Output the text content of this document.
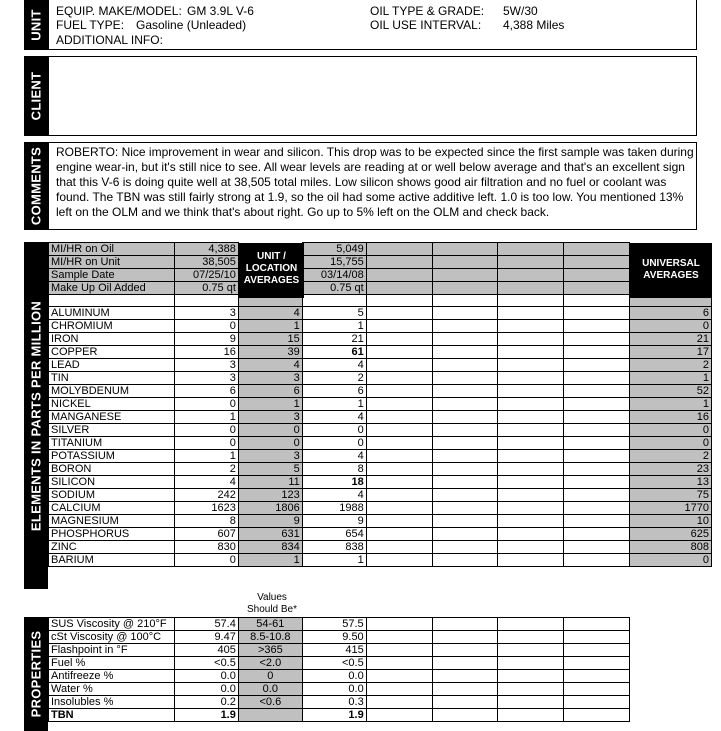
UNIT EQUIP. MAKE/MODEL: GM 3.9L V-6
FUEL TYPE: Gasoline (Unleaded)
ADDITIONAL INFO:
OIL TYPE & GRADE: 5W/30
OIL USE INTERVAL: 4,388 Miles
CLIENT
COMMENTS ROBERTO: Nice improvement in wear and silicon. This drop was to be expected since the first sample was taken during engine wear-in, but it's still nice to see. All wear levels are reading at or well below average and that's an excellent sign that this V-6 is doing quite well at 38,505 total miles. Low silicon shows good air filtration and no fuel or coolant was found. The TBN was still fairly strong at 1.9, so the oil had some active additive left. 1.0 is too low. You mentioned 13% left on the OLM and we think that's about right. Go up to 5% left on the OLM and check back.
ELEMENTS IN PARTS PER MILLION
MI/HR on Oil	4,388		5,049					
MI/HR on Unit	38,505		15,755					
Sample Date	07/25/10		03/14/08					
Make Up Oil Added	0.75 qt		0.75 qt					

ALUMINUM	3	4	5					6
CHROMIUM	0	1	1					0
IRON	9	15	21					21
COPPER	16	39	61					17
LEAD	3	4	4					2
TIN	3	3	2					1
MOLYBDENUM	6	6	6					52
NICKEL	0	1	1					1
MANGANESE	1	3	4					16
SILVER	0	0	0					0
TITANIUM	0	0	0					0
POTASSIUM	1	3	4					2
BORON	2	5	8					23
SILICON	4	11	18					13
SODIUM	242	123	4					75
CALCIUM	1623	1806	1988					1770
MAGNESIUM	8	9	9					10
PHOSPHORUS	607	631	654					625
ZINC	830	834	838					808
BARIUM	0	1	1					0
UNIT / LOCATION AVERAGES
UNIVERSAL AVERAGES
Values Should Be*
PROPERTIES
SUS Viscosity @ 210°F	57.4	54-61	57.5				
cSt Viscosity @ 100°C	9.47	8.5-10.8	9.50				
Flashpoint in °F	405	>365	415				
Fuel %	<0.5	<2.0	<0.5				
Antifreeze %	0.0	0	0.0				
Water %	0.0	0.0	0.0				
Insolubles %	0.2	<0.6	0.3				
TBN	1.9		1.9				
